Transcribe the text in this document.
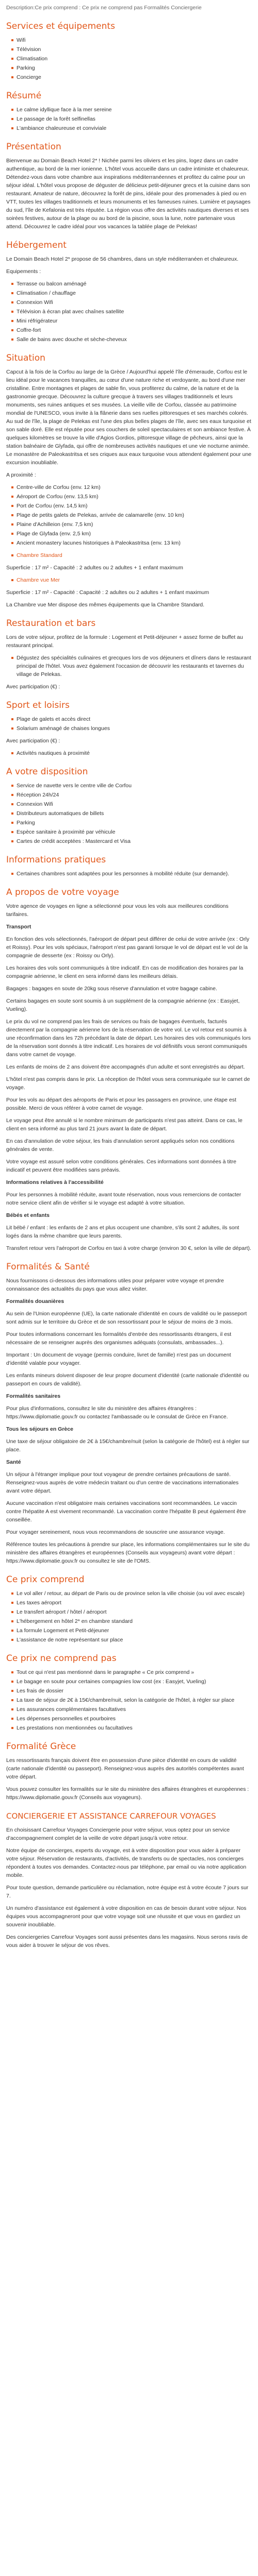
Description:Ce prix comprend : Ce prix ne comprend pas Formalités Conciergerie
Services et équipements
Wifi
Télévision
Climatisation
Parking
Concierge
Résumé
Le calme idyllique face à la mer sereine
Le passage de la forêt selfinellas
L'ambiance chaleureuse et conviviale
Présentation

Bienvenue au Domain Beach Hotel 2* ! Nichée parmi les oliviers et les pins, logez dans un cadre authentique, au bord de la mer ionienne. L'hôtel vous accueille dans un cadre intimiste et chaleureux. Détendez-vous dans votre chambre aux inspirations méditerranéennes et profitez du calme pour un séjour idéal. L'hôtel vous propose de déguster de délicieux petit-déjeuner grecs et la cuisine dans son restaurant. Amateur de nature, découvrez la forêt de pins, idéale pour des promenades à pied ou en VTT, toutes les villages traditionnels et leurs monuments et les fameuses ruines. Lumière et paysages du sud, l'île de Kefalonia est très réputée. La région vous offre des activités nautiques diverses et ses soirées festives, autour de la plage ou au bord de la piscine, sous la lune, notre partenaire vous attend. Découvrez le cadre idéal pour vos vacances la tablée plage de Pelekas!

Hébergement

Le Domain Beach Hotel 2* propose de 56 chambres, dans un style méditerranéen et chaleureux.

Equipements :

Terrasse ou balcon aménagé
Climatisation / chauffage
Connexion Wifi
Télévision à écran plat avec chaînes satellite
Mini réfrigérateur
Coffre-fort
Salle de bains avec douche et sèche-cheveux
Situation

Capcut à la fois de la Corfou au large de la Grèce / Aujourd'hui appelé l'île d'émeraude, Corfou est le lieu idéal pour le vacances tranquilles, au cœur d'une nature riche et verdoyante, au bord d'une mer cristalline. Entre montagnes et plages de sable fin, vous profiterez du calme, de la nature et de la gastronomie grecque. Découvrez la culture grecque à travers ses villages traditionnels et leurs monuments, ses ruines antiques et ses musées. La vieille ville de Corfou, classée au patrimoine mondial de l'UNESCO, vous invite à la flânerie dans ses ruelles pittoresques et ses marchés colorés. Au sud de l'île, la plage de Pelekas est l'une des plus belles plages de l'île, avec ses eaux turquoise et son sable doré. Elle est réputée pour ses couchers de soleil spectaculaires et son ambiance festive. À quelques kilomètres se trouve la ville d'Agios Gordios, pittoresque village de pêcheurs, ainsi que la station balnéaire de Glyfada, qui offre de nombreuses activités nautiques et une vie nocturne animée. Le monastère de Paleokastritsa et ses criques aux eaux turquoise vous attendent également pour une excursion inoubliable.

A proximité :

Centre-ville de Corfou (env. 12 km)
Aéroport de Corfou (env. 13,5 km)
Port de Corfou (env. 14,5 km)
Plage de petits galets de Pelekas, arrivée de calamarelle (env. 10 km)
Plaine d'Achilleion (env. 7,5 km)
Plage de Glyfada (env. 2,5 km)
Ancient monastery lacunes historiques à Paleokastritsa (env. 13 km)
Chambre Standard

Superficie : 17 m² - Capacité : 2 adultes ou 2 adultes + 1 enfant maximum

Chambre vue Mer

Superficie : 17 m² - Capacité : Capacité : 2 adultes ou 2 adultes + 1 enfant maximum

La Chambre vue Mer dispose des mêmes équipements que la Chambre Standard.

Restauration et bars

Lors de votre séjour, profitez de la formule : Logement et Petit-déjeuner + assez forme de buffet au restaurant principal.

Dégustez des spécialités culinaires et grecques lors de vos déjeuners et dîners dans le restaurant principal de l'hôtel. Vous avez également l'occasion de découvrir les restaurants et tavernes du village de Pelekas.

Avec participation (€) :

Sport et loisirs
Plage de galets et accès direct
Solarium aménagé de chaises longues

Avec participation (€) :

Activités nautiques à proximité
A votre disposition
Service de navette vers le centre ville de Corfou
Réception 24h/24
Connexion Wifi
Distributeurs automatiques de billets
Parking
Espèce sanitaire à proximité par véhicule
Cartes de crédit acceptées : Mastercard et Visa
Informations pratiques
Certaines chambres sont adaptées pour les personnes à mobilité réduite (sur demande).
A propos de votre voyage

Votre agence de voyages en ligne a sélectionné pour vous les vols aux meilleures conditions tarifaires.

Transport

En fonction des vols sélectionnés, l'aéroport de départ peut différer de celui de votre arrivée (ex : Orly et Roissy). Pour les vols spéciaux, l'aéroport n'est pas garanti lorsque le vol de départ est le vol de la compagnie de desserte (ex : Roissy ou Orly).

Les horaires des vols sont communiqués à titre indicatif. En cas de modification des horaires par la compagnie aérienne, le client en sera informé dans les meilleurs délais.

Bagages : bagages en soute de 20kg sous réserve d'annulation et votre bagage cabine.

Certains bagages en soute sont soumis à un supplément de la compagnie aérienne (ex : Easyjet, Vueling).

Le prix du vol ne comprend pas les frais de services ou frais de bagages éventuels, facturés directement par la compagnie aérienne lors de la réservation de votre vol. Le vol retour est soumis à une réconfirmation dans les 72h précédant la date de départ. Les horaires des vols communiqués lors de la réservation sont donnés à titre indicatif. Les horaires de vol définitifs vous seront communiqués dans votre carnet de voyage.

Les enfants de moins de 2 ans doivent être accompagnés d'un adulte et sont enregistrés au départ.

L'hôtel n'est pas compris dans le prix. La réception de l'hôtel vous sera communiquée sur le carnet de voyage.

Pour les vols au départ des aéroports de Paris et pour les passagers en province, une étape est possible. Merci de vous référer à votre carnet de voyage.

Le voyage peut être annulé si le nombre minimum de participants n'est pas atteint. Dans ce cas, le client en sera informé au plus tard 21 jours avant la date de départ.

En cas d'annulation de votre séjour, les frais d'annulation seront appliqués selon nos conditions générales de vente.

Votre voyage est assuré selon votre conditions générales. Ces informations sont données à titre indicatif et peuvent être modifiées sans préavis.

Informations relatives à l'accessibilité

Pour les personnes à mobilité réduite, avant toute réservation, nous vous remercions de contacter notre service client afin de vérifier si le voyage est adapté à votre situation.

Bébés et enfants

Lit bébé / enfant : les enfants de 2 ans et plus occupent une chambre, s'ils sont 2 adultes, ils sont logés dans la même chambre que leurs parents.

Transfert retour vers l'aéroport de Corfou en taxi à votre charge (environ 30 €, selon la ville de départ).

Formalités & Santé

Nous fournissons ci-dessous des informations utiles pour préparer votre voyage et prendre connaissance des actualités du pays que vous allez visiter.

Formalités douanières

Au sein de l'Union européenne (UE), la carte nationale d'identité en cours de validité ou le passeport sont admis sur le territoire du Grèce et de son ressortissant pour le séjour de moins de 3 mois.

Pour toutes informations concernant les formalités d'entrée des ressortissants étrangers, il est nécessaire de se renseigner auprès des organismes adéquats (consulats, ambassades...).

Important : Un document de voyage (permis conduire, livret de famille) n'est pas un document d'identité valable pour voyager.

Les enfants mineurs doivent disposer de leur propre document d'identité (carte nationale d'identité ou passeport en cours de validité).

Formalités sanitaires

Pour plus d'informations, consultez le site du ministère des affaires étrangères : https://www.diplomatie.gouv.fr ou contactez l'ambassade ou le consulat de Grèce en France.

Tous les séjours en Grèce

Une taxe de séjour obligatoire de 2€ à 15€/chambre/nuit (selon la catégorie de l'hôtel) est à régler sur place.

Santé

Un séjour à l'étranger implique pour tout voyageur de prendre certaines précautions de santé. Renseignez-vous auprès de votre médecin traitant ou d'un centre de vaccinations internationales avant votre départ.

Aucune vaccination n'est obligatoire mais certaines vaccinations sont recommandées. Le vaccin contre l'hépatite A est vivement recommandé. La vaccination contre l'hépatite B peut également être conseillée.

Pour voyager sereinement, nous vous recommandons de souscrire une assurance voyage.

Référence toutes les précautions à prendre sur place, les informations complémentaires sur le site du ministère des affaires étrangères et européennes (Conseils aux voyageurs) avant votre départ : https://www.diplomatie.gouv.fr ou consultez le site de l'OMS.

Ce prix comprend
Le vol aller / retour, au départ de Paris ou de province selon la ville choisie (ou vol avec escale)
Les taxes aéroport
Le transfert aéroport / hôtel / aéroport
L'hébergement en hôtel 2* en chambre standard
La formule Logement et Petit-déjeuner
L'assistance de notre représentant sur place
Ce prix ne comprend pas
Tout ce qui n'est pas mentionné dans le paragraphe « Ce prix comprend »
Le bagage en soute pour certaines compagnies low cost (ex : Easyjet, Vueling)
Les frais de dossier
La taxe de séjour de 2€ à 15€/chambre/nuit, selon la catégorie de l'hôtel, à régler sur place
Les assurances complémentaires facultatives
Les dépenses personnelles et pourboires
Les prestations non mentionnées ou facultatives
Formalité Grèce

Les ressortissants français doivent être en possession d'une pièce d'identité en cours de validité (carte nationale d'identité ou passeport). Renseignez-vous auprès des autorités compétentes avant votre départ.

Vous pouvez consulter les formalités sur le site du ministère des affaires étrangères et européennes : https://www.diplomatie.gouv.fr (Conseils aux voyageurs).

CONCIERGERIE ET ASSISTANCE CARREFOUR VOYAGES

En choisissant Carrefour Voyages Conciergerie pour votre séjour, vous optez pour un service d'accompagnement complet de la veille de votre départ jusqu'à votre retour.

Notre équipe de concierges, experts du voyage, est à votre disposition pour vous aider à préparer votre séjour. Réservation de restaurants, d'activités, de transferts ou de spectacles, nos concierges répondent à toutes vos demandes. Contactez-nous par téléphone, par email ou via notre application mobile.

Pour toute question, demande particulière ou réclamation, notre équipe est à votre écoute 7 jours sur 7.

Un numéro d'assistance est également à votre disposition en cas de besoin durant votre séjour. Nos équipes vous accompagneront pour que votre voyage soit une réussite et que vous en gardiez un souvenir inoubliable.

Des conciergeries Carrefour Voyages sont aussi présentes dans les magasins. Nous serons ravis de vous aider à trouver le séjour de vos rêves.
